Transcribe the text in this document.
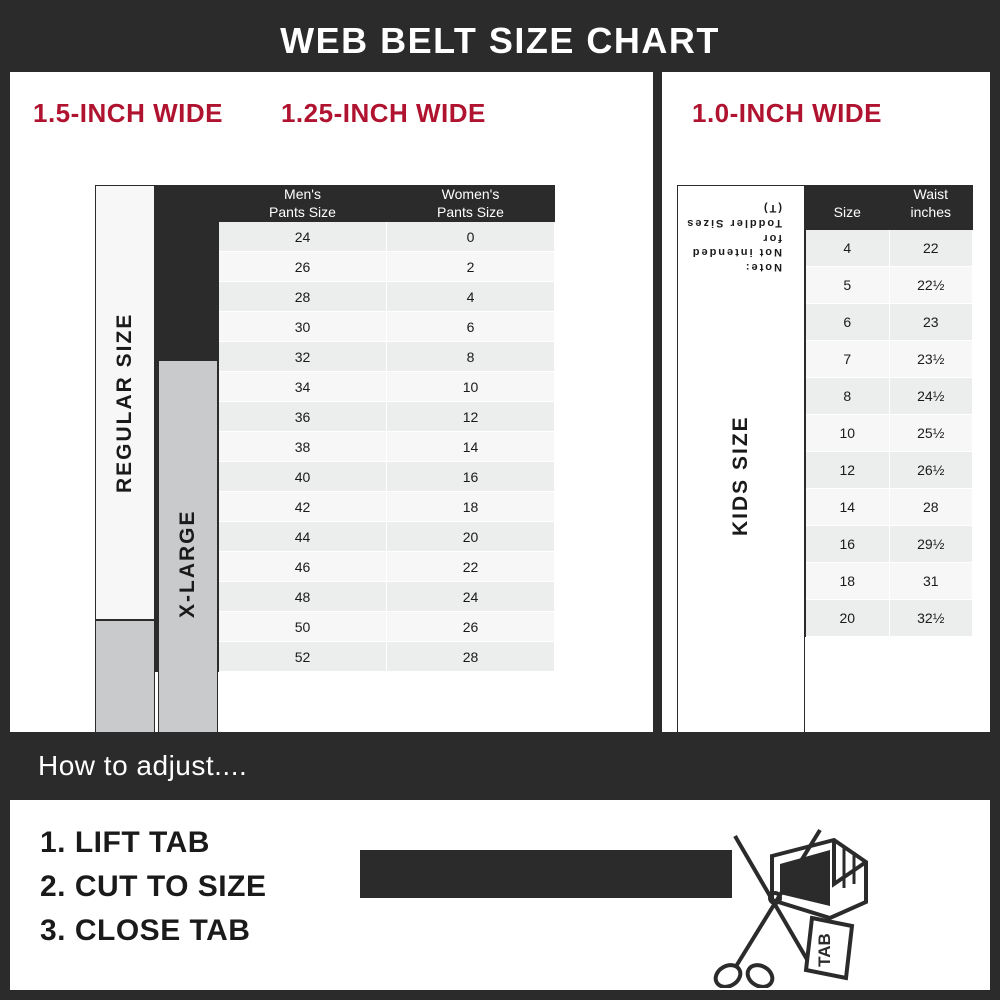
WEB BELT SIZE CHART
1.5-INCH WIDE 1.25-INCH WIDE
	Men's
Pants Size	Women's
Pants Size
	24	0
	26	2
	28	4
	30	6
	32	8
	34	10
	36	12
	38	14
	40	16
	42	18
	44	20
	46	22
	48	24
	50	26
	52	28
REGULAR SIZE
X-LARGE
1.0-INCH WIDE
	Size	Waist
inches
	4	22
	5	22½
	6	23
	7	23½
	8	24½
	10	25½
	12	26½
	14	28
	16	29½
	18	31
	20	32½
KIDS SIZE
Note:
Not intended for
Toddler Sizes (T)
How to adjust....
1. LIFT TAB
2. CUT TO SIZE
3. CLOSE TAB
TAB
